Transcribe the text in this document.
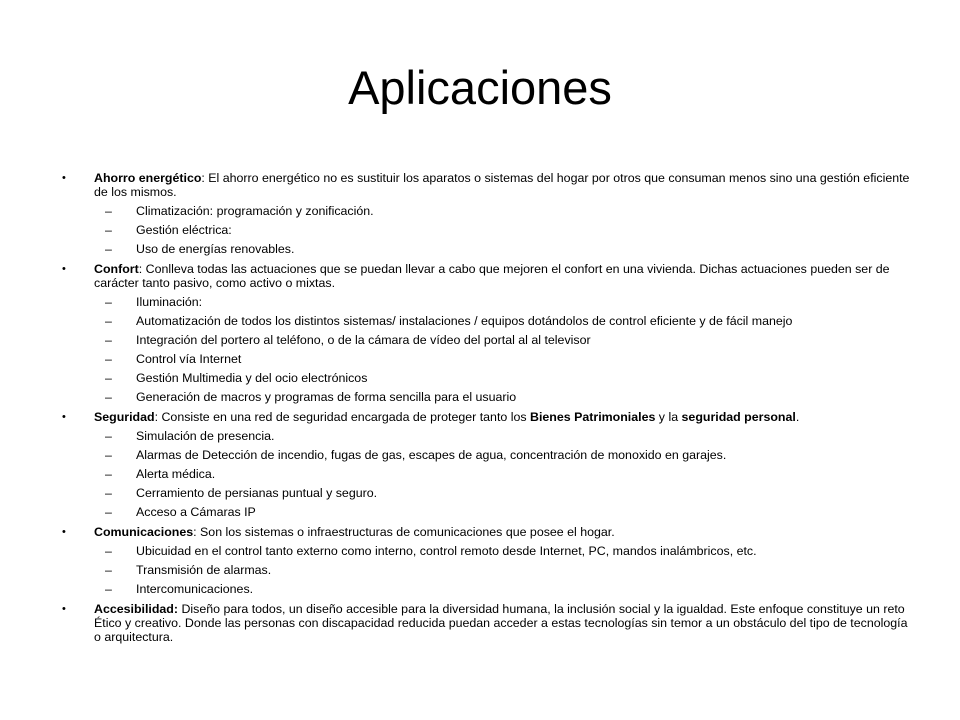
Aplicaciones
• Ahorro energético: El ahorro energético no es sustituir los aparatos o sistemas del hogar por otros que consuman menos sino una gestión eficiente de los mismos.
– Climatización: programación y zonificación.
– Gestión eléctrica:
– Uso de energías renovables.
• Confort: Conlleva todas las actuaciones que se puedan llevar a cabo que mejoren el confort en una vivienda. Dichas actuaciones pueden ser de carácter tanto pasivo, como activo o mixtas.
– Iluminación:
– Automatización de todos los distintos sistemas/ instalaciones / equipos dotándolos de control eficiente y de fácil manejo
– Integración del portero al teléfono, o de la cámara de vídeo del portal al al televisor
– Control vía Internet
– Gestión Multimedia y del ocio electrónicos
– Generación de macros y programas de forma sencilla para el usuario
• Seguridad: Consiste en una red de seguridad encargada de proteger tanto los Bienes Patrimoniales y la seguridad personal.
– Simulación de presencia.
– Alarmas de Detección de incendio, fugas de gas, escapes de agua, concentración de monoxido en garajes.
– Alerta médica.
– Cerramiento de persianas puntual y seguro.
– Acceso a Cámaras IP
• Comunicaciones: Son los sistemas o infraestructuras de comunicaciones que posee el hogar.
– Ubicuidad en el control tanto externo como interno, control remoto desde Internet, PC, mandos inalámbricos, etc.
– Transmisión de alarmas.
– Intercomunicaciones.
• Accesibilidad: Diseño para todos, un diseño accesible para la diversidad humana, la inclusión social y la igualdad. Este enfoque constituye un reto Ético y creativo. Donde las personas con discapacidad reducida puedan acceder a estas tecnologías sin temor a un obstáculo del tipo de tecnología o arquitectura.
